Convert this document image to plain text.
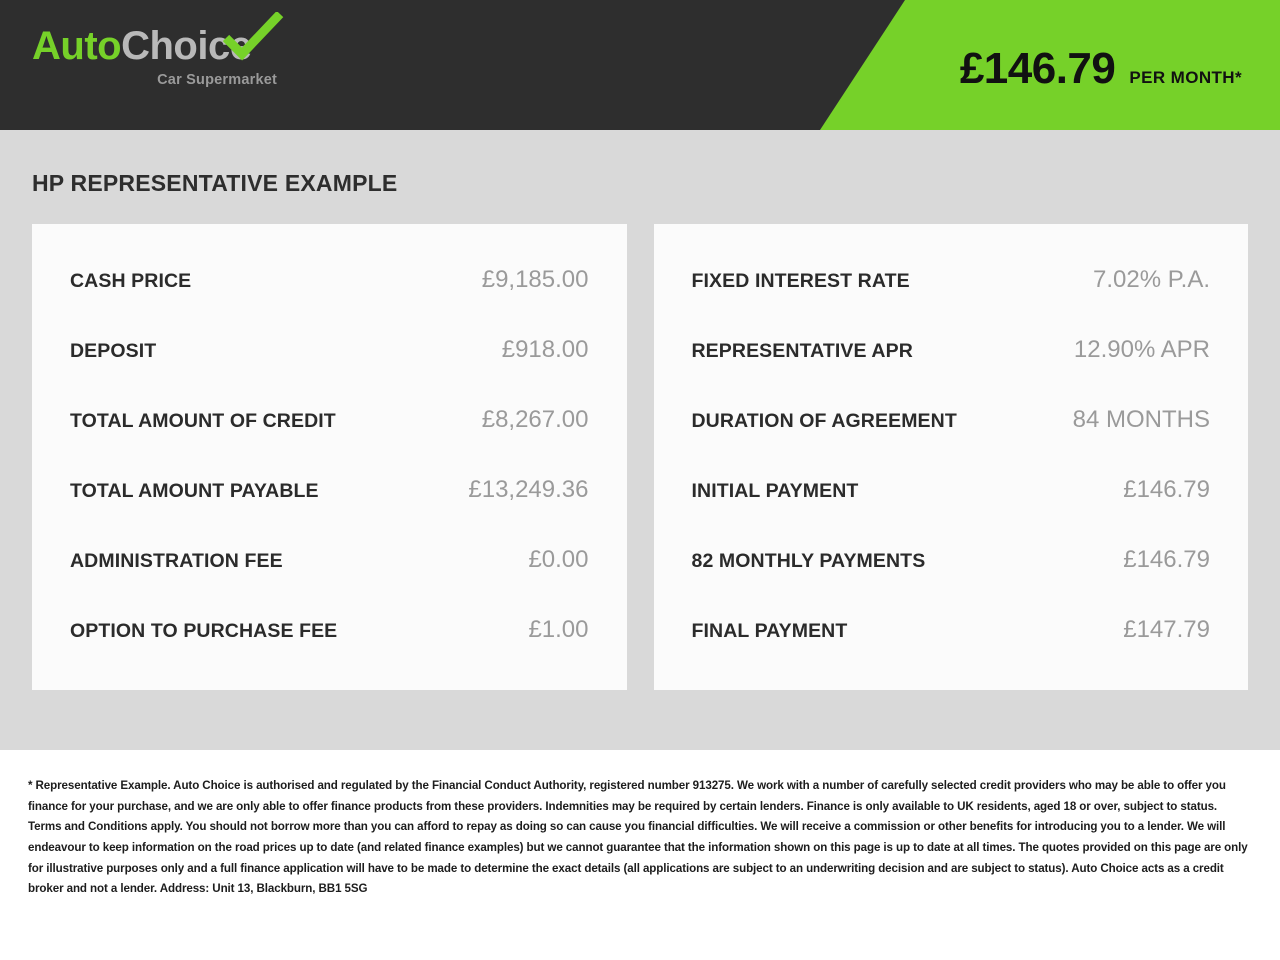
AutoChoice
Car Supermarket	£146.79 PER MONTH*
HP REPRESENTATIVE EXAMPLE
CASH PRICE	£9,185.00
DEPOSIT	£918.00
TOTAL AMOUNT OF CREDIT	£8,267.00
TOTAL AMOUNT PAYABLE	£13,249.36
ADMINISTRATION FEE	£0.00
OPTION TO PURCHASE FEE	£1.00
FIXED INTEREST RATE	7.02% P.A.
REPRESENTATIVE APR	12.90% APR
DURATION OF AGREEMENT	84 MONTHS
INITIAL PAYMENT	£146.79
82 MONTHLY PAYMENTS	£146.79
FINAL PAYMENT	£147.79

* Representative Example. Auto Choice is authorised and regulated by the Financial Conduct Authority, registered number 913275. We work with a number of carefully selected credit providers who may be able to offer you finance for your purchase, and we are only able to offer finance products from these providers. Indemnities may be required by certain lenders. Finance is only available to UK residents, aged 18 or over, subject to status. Terms and Conditions apply. You should not borrow more than you can afford to repay as doing so can cause you financial difficulties. We will receive a commission or other benefits for introducing you to a lender. We will endeavour to keep information on the road prices up to date (and related finance examples) but we cannot guarantee that the information shown on this page is up to date at all times. The quotes provided on this page are only for illustrative purposes only and a full finance application will have to be made to determine the exact details (all applications are subject to an underwriting decision and are subject to status). Auto Choice acts as a credit broker and not a lender. Address: Unit 13, Blackburn, BB1 5SG
